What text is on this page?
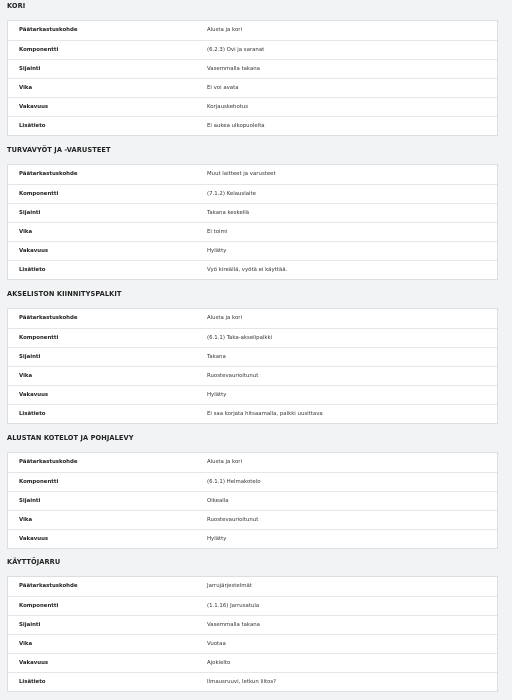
KORI
Päätarkastuskohde	Alusta ja kori
Komponentti	(6.2.3) Ovi ja saranat
Sijainti	Vasemmalla takana
Vika	Ei voi avata
Vakavuus	Korjauskehotus
Lisätieto	Ei aukea ulkopuolelta
TURVAVYÖT JA -VARUSTEET
Päätarkastuskohde	Muut laitteet ja varusteet
Komponentti	(7.1.2) Kelauslaite
Sijainti	Takana keskellä
Vika	Ei toimi
Vakavuus	Hylätty
Lisätieto	Vyö kireällä, vyötä ei käyttää.
AKSELISTON KIINNITYSPALKIT
Päätarkastuskohde	Alusta ja kori
Komponentti	(6.1.1) Taka-akselipalkki
Sijainti	Takana
Vika	Ruostevaurioitunut
Vakavuus	Hylätty
Lisätieto	Ei saa korjata hitsaamalla, palkki uusittava
ALUSTAN KOTELOT JA POHJALEVY
Päätarkastuskohde	Alusta ja kori
Komponentti	(6.1.1) Helmakotelo
Sijainti	Oikealla
Vika	Ruostevaurioitunut
Vakavuus	Hylätty
KÄYTTÖJARRU
Päätarkastuskohde	Jarrujärjestelmät
Komponentti	(1.1.16) Jarrusatula
Sijainti	Vasemmalla takana
Vika	Vuotaa
Vakavuus	Ajokielto
Lisätieto	Ilmausruuvi, letkun liitos?
